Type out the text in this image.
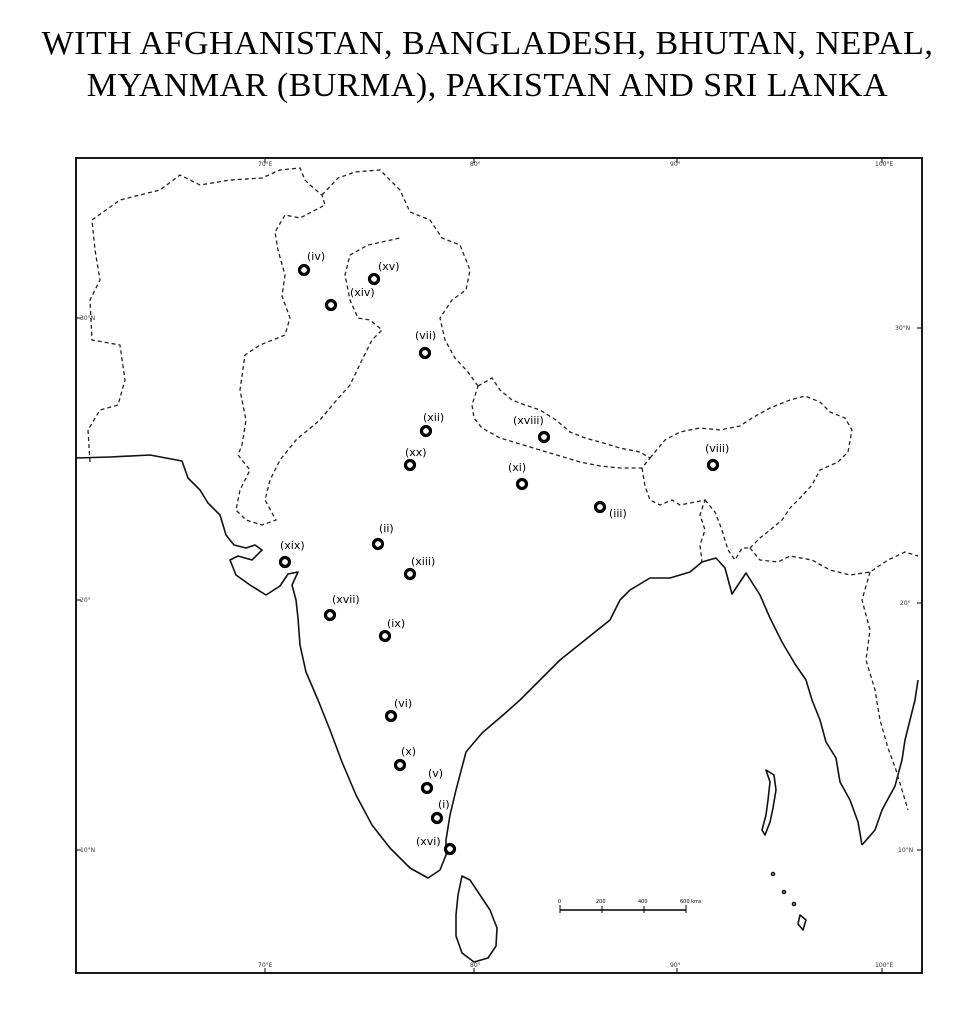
WITH AFGHANISTAN, BANGLADESH, BHUTAN, NEPAL,
MYANMAR (BURMA), PAKISTAN AND SRI LANKA
70°E	80°	90°	100°E
70°E	80°	90°	100°E
30°N
20°
10°N
30°N
20°
10°N
0	200	400	600 kms
(i)
(ii)
(iii)
(iv)
(v)
(vi)
(vii)
(viii)
(ix)
(x)
(xi)
(xii)
(xiii)
(xiv)
(xv)
(xvi)
(xvii)
(xviii)
(xix)
(xx)
